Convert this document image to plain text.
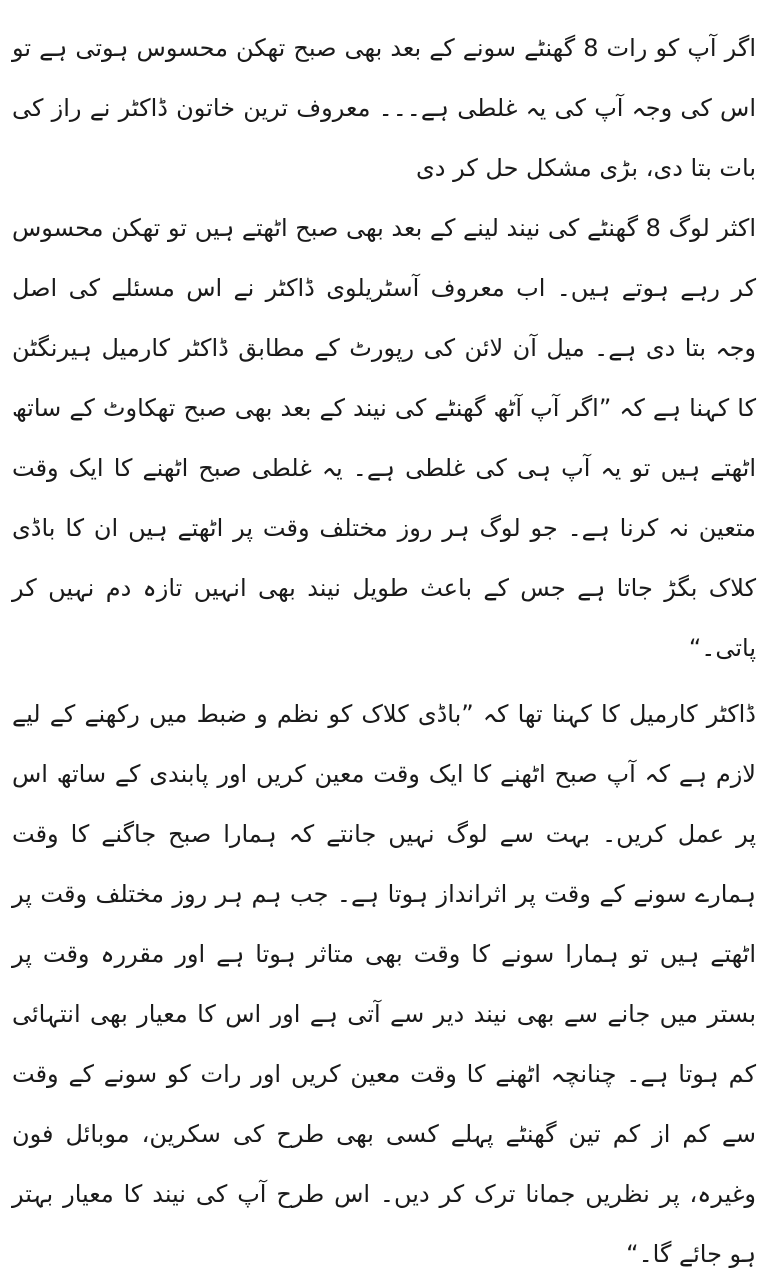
اگر آپ کو رات 8 گھنٹے سونے کے بعد بھی صبح تھکن محسوس ہوتی ہے تو اس کی وجہ آپ کی یہ غلطی ہے۔۔۔ معروف ترین خاتون ڈاکٹر نے راز کی بات بتا دی، بڑی مشکل حل کر دی

اکثر لوگ 8 گھنٹے کی نیند لینے کے بعد بھی صبح اٹھتے ہیں تو تھکن محسوس کر رہے ہوتے ہیں۔ اب معروف آسٹریلوی ڈاکٹر نے اس مسئلے کی اصل وجہ بتا دی ہے۔ میل آن لائن کی رپورٹ کے مطابق ڈاکٹر کارمیل ہیرنگٹن کا کہنا ہے کہ ”اگر آپ آٹھ گھنٹے کی نیند کے بعد بھی صبح تھکاوٹ کے ساتھ اٹھتے ہیں تو یہ آپ ہی کی غلطی ہے۔ یہ غلطی صبح اٹھنے کا ایک وقت متعین نہ کرنا ہے۔ جو لوگ ہر روز مختلف وقت پر اٹھتے ہیں ان کا باڈی کلاک بگڑ جاتا ہے جس کے باعث طویل نیند بھی انہیں تازہ دم نہیں کر پاتی۔“

ڈاکٹر کارمیل کا کہنا تھا کہ ”باڈی کلاک کو نظم و ضبط میں رکھنے کے لیے لازم ہے کہ آپ صبح اٹھنے کا ایک وقت معین کریں اور پابندی کے ساتھ اس پر عمل کریں۔ بہت سے لوگ نہیں جانتے کہ ہمارا صبح جاگنے کا وقت ہمارے سونے کے وقت پر اثرانداز ہوتا ہے۔ جب ہم ہر روز مختلف وقت پر اٹھتے ہیں تو ہمارا سونے کا وقت بھی متاثر ہوتا ہے اور مقررہ وقت پر بستر میں جانے سے بھی نیند دیر سے آتی ہے اور اس کا معیار بھی انتہائی کم ہوتا ہے۔ چنانچہ اٹھنے کا وقت معین کریں اور رات کو سونے کے وقت سے کم از کم تین گھنٹے پہلے کسی بھی طرح کی سکرین، موبائل فون وغیرہ، پر نظریں جمانا ترک کر دیں۔ اس طرح آپ کی نیند کا معیار بہتر ہو جائے گا۔“
